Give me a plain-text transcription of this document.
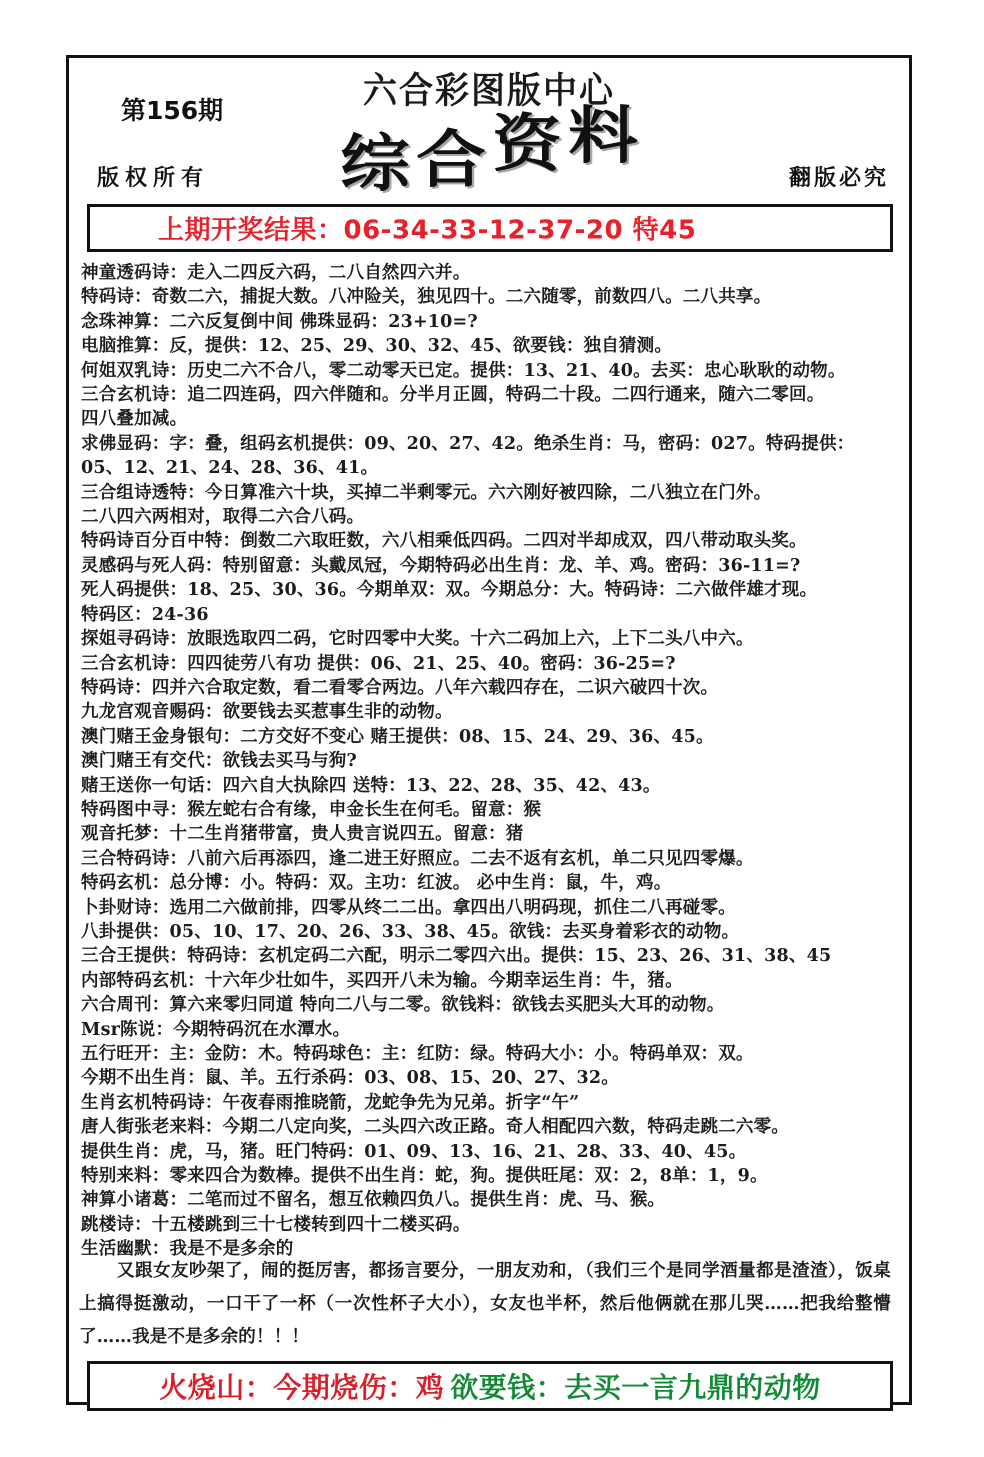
六合彩图版中心
第156期
综 合 资 料
版权所有	翻版必究
上期开奖结果：06-34-33-12-37-20 特45
神童透码诗：走入二四反六码，二八自然四六并。
特码诗：奇数二六，捕捉大数。八冲险关，独见四十。二六随零，前数四八。二八共享。
念珠神算：二六反复倒中间 佛珠显码：23+10=?
电脑推算：反，提供：12、25、29、30、32、45、欲要钱：独自猜测。
何姐双乳诗：历史二六不合八，零二动零天已定。提供：13、21、40。去买：忠心耿耿的动物。
三合玄机诗：追二四连码，四六伴随和。分半月正圆，特码二十段。二四行通来，随六二零回。
四八叠加减。
求佛显码：字：叠，组码玄机提供：09、20、27、42。绝杀生肖：马，密码：027。特码提供：
05、12、21、24、28、36、41。
三合组诗透特：今日算准六十块，买掉二半剩零元。六六刚好被四除，二八独立在门外。
二八四六两相对，取得二六合八码。
特码诗百分百中特：倒数二六取旺数，六八相乘低四码。二四对半却成双，四八带动取头奖。
灵感码与死人码：特别留意：头戴凤冠，今期特码必出生肖：龙、羊、鸡。密码：36-11=?
死人码提供：18、25、30、36。今期单双：双。今期总分：大。特码诗：二六做伴雄才现。
特码区：24-36
探姐寻码诗：放眼选取四二码，它时四零中大奖。十六二码加上六，上下二头八中六。
三合玄机诗：四四徒劳八有功 提供：06、21、25、40。密码：36-25=?
特码诗：四并六合取定数，看二看零合两边。八年六载四存在，二识六破四十次。
九龙宫观音赐码：欲要钱去买惹事生非的动物。
澳门赌王金身银句：二方交好不变心 赌王提供：08、15、24、29、36、45。
澳门赌王有交代：欲钱去买马与狗?
赌王送你一句话：四六自大执除四 送特：13、22、28、35、42、43。
特码图中寻：猴左蛇右合有缘，申金长生在何毛。留意：猴
观音托梦：十二生肖猪带富，贵人贵言说四五。留意：猪
三合特码诗：八前六后再添四，逢二进王好照应。二去不返有玄机，单二只见四零爆。
特码玄机：总分博：小。特码：双。主功：红波。 必中生肖：鼠，牛，鸡。
卜卦财诗：选用二六做前排，四零从终二二出。拿四出八明码现，抓住二八再碰零。
八卦提供：05、10、17、20、26、33、38、45。欲钱：去买身着彩衣的动物。
三合王提供：特码诗：玄机定码二六配，明示二零四六出。提供：15、23、26、31、38、45
内部特码玄机：十六年少壮如牛，买四开八未为输。今期幸运生肖：牛，猪。
六合周刊：算六来零归同道 特向二八与二零。欲钱料：欲钱去买肥头大耳的动物。
Msr陈说：今期特码沉在水潭水。
五行旺开：主：金防：木。特码球色：主：红防：绿。特码大小：小。特码单双：双。
今期不出生肖：鼠、羊。五行杀码：03、08、15、20、27、32。
生肖玄机特码诗：午夜春雨推晓箭，龙蛇争先为兄弟。折字“午”
唐人街张老来料：今期二八定向奖，二头四六改正路。奇人相配四六数，特码走跳二六零。
提供生肖：虎，马，猪。旺门特码：01、09、13、16、21、28、33、40、45。
特别来料：零来四合为数棒。提供不出生肖：蛇，狗。提供旺尾：双：2，8单：1，9。
神算小诸葛：二笔而过不留名，想互依赖四负八。提供生肖：虎、马、猴。
跳楼诗：十五楼跳到三十七楼转到四十二楼买码。
生活幽默：我是不是多余的
又跟女友吵架了，闹的挺厉害，都扬言要分，一朋友劝和，（我们三个是同学酒量都是渣渣），饭桌上搞得挺激动，一口干了一杯（一次性杯子大小），女友也半杯，然后他俩就在那儿哭……把我给整懵了……我是不是多余的！！！
火烧山：今期烧伤：鸡 欲要钱：去买一言九鼎的动物
